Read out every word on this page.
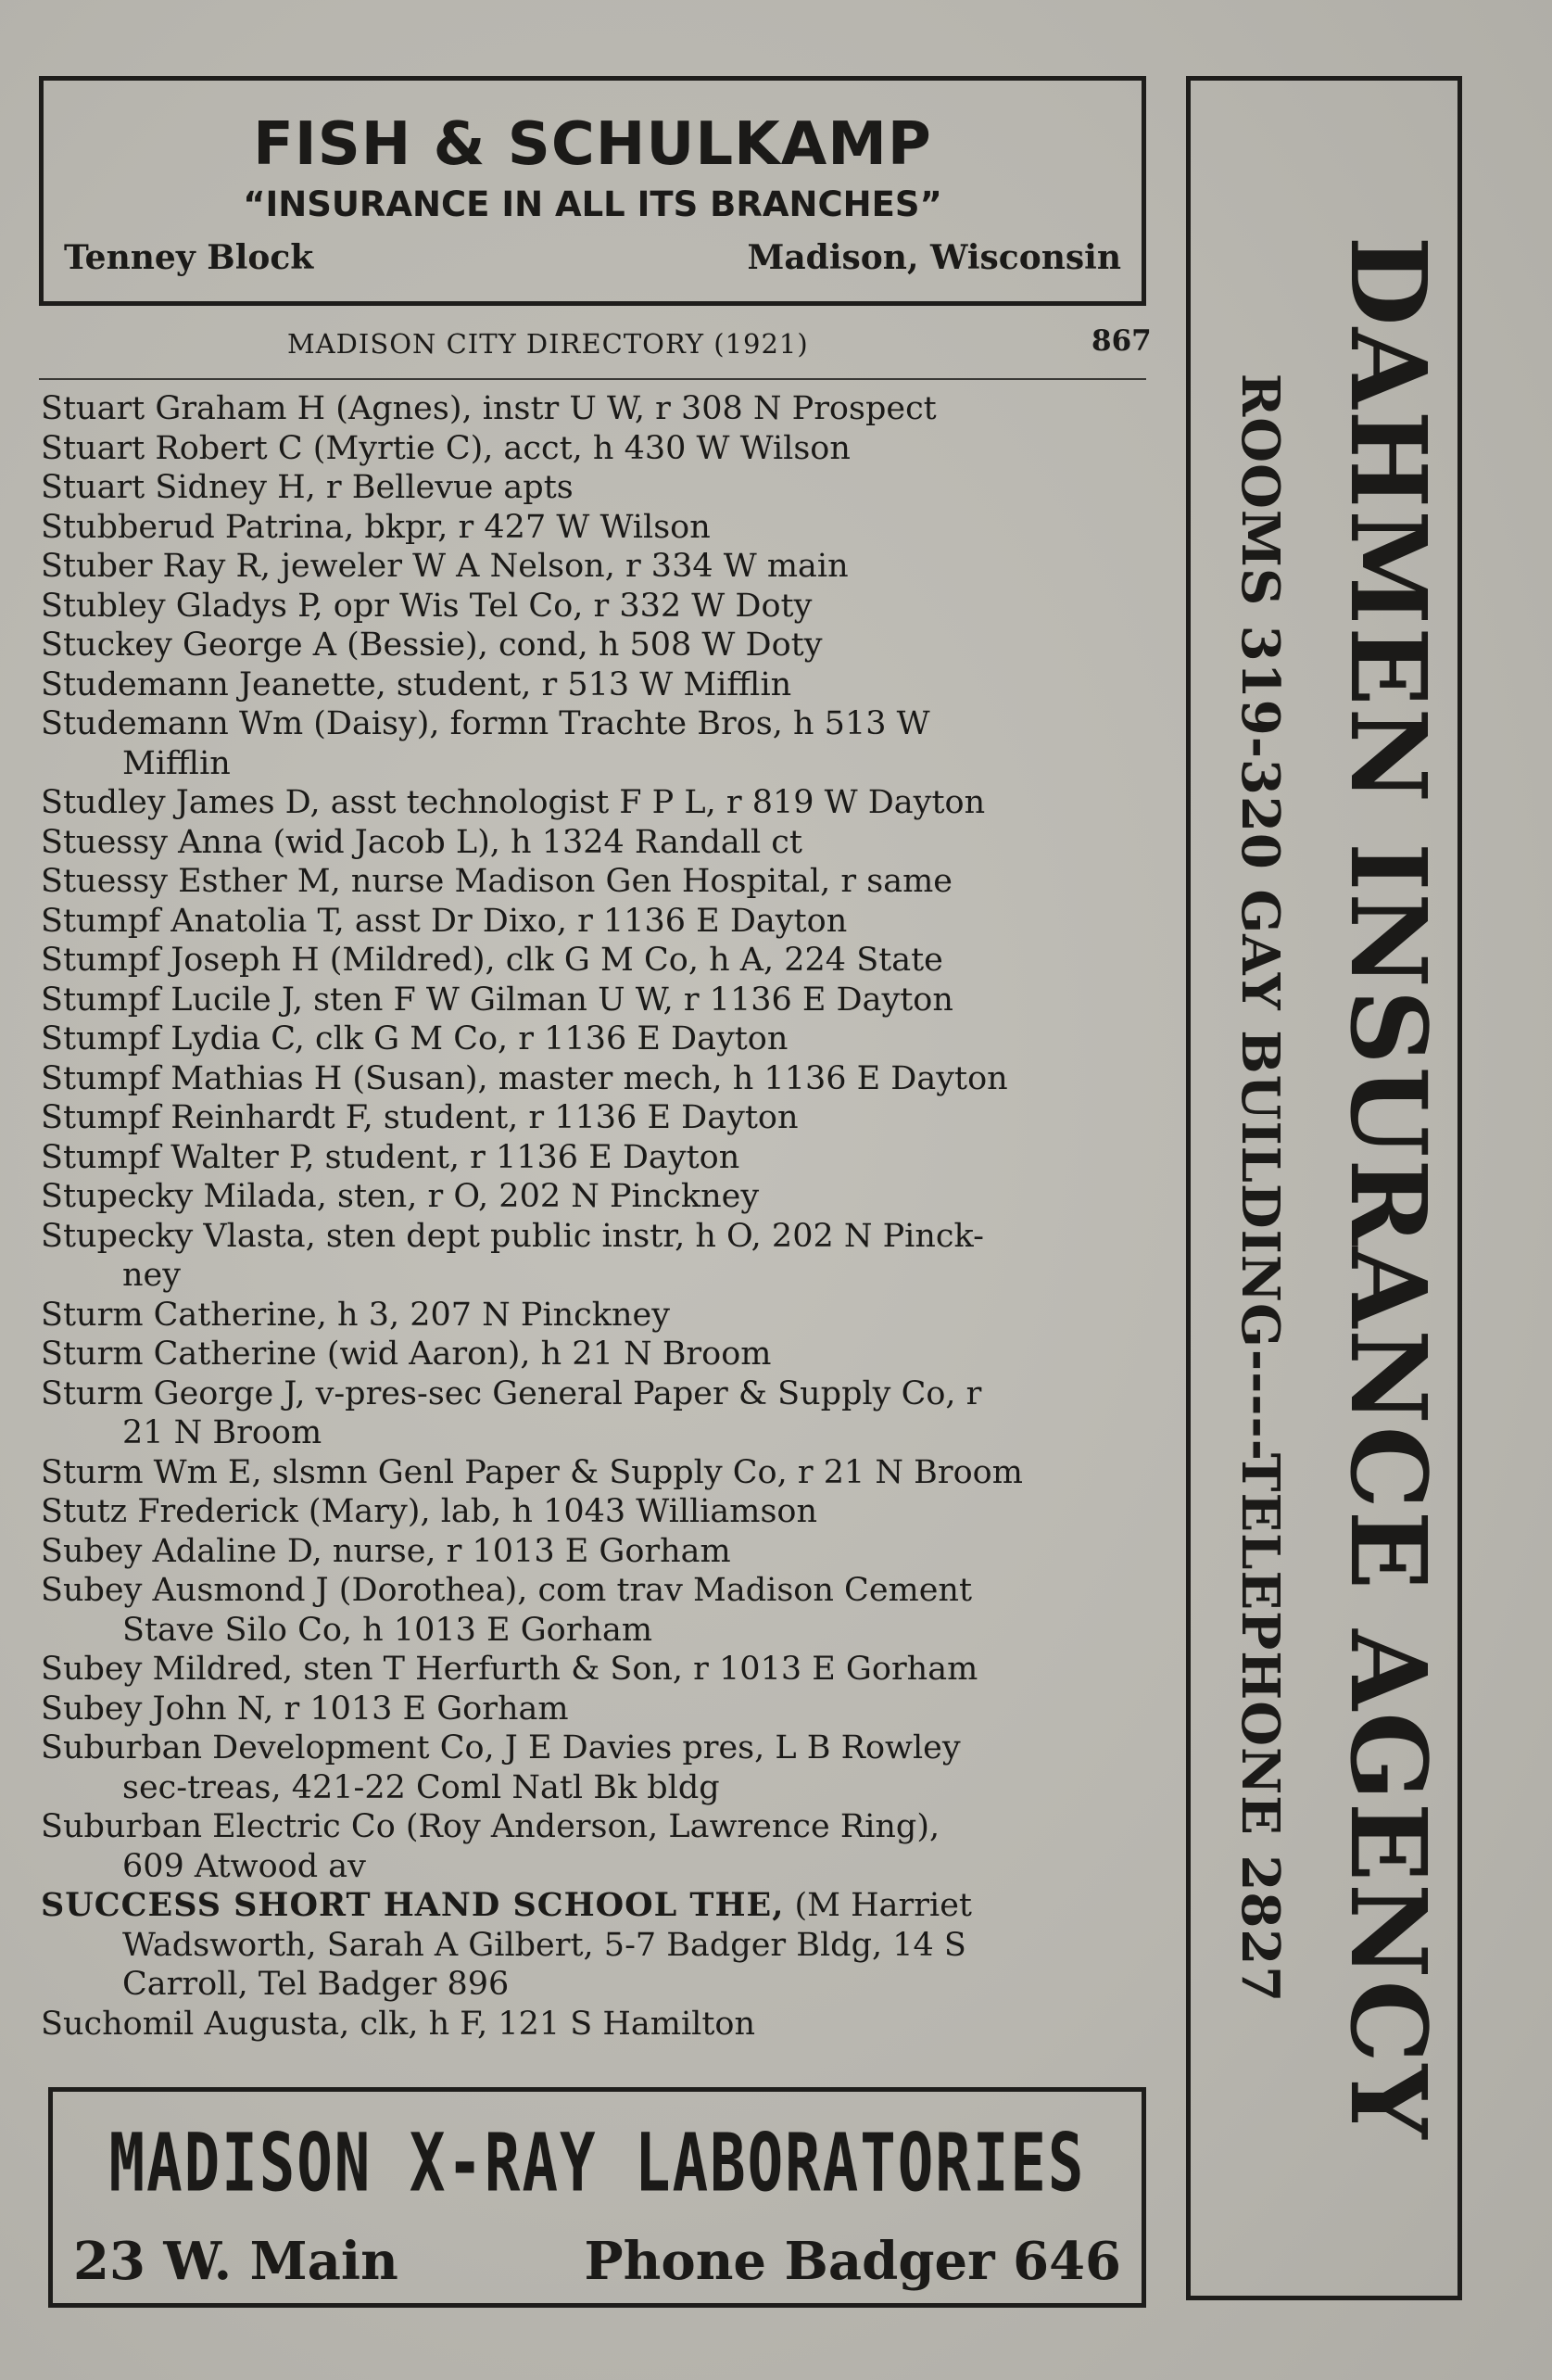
FISH & SCHULKAMP
“INSURANCE IN ALL ITS BRANCHES”
Tenney Block	Madison, Wisconsin
MADISON CITY DIRECTORY (1921)	867
Stuart Graham H (Agnes), instr U W, r 308 N Prospect
Stuart Robert C (Myrtie C), acct, h 430 W Wilson
Stuart Sidney H, r Bellevue apts
Stubberud Patrina, bkpr, r 427 W Wilson
Stuber Ray R, jeweler W A Nelson, r 334 W main
Stubley Gladys P, opr Wis Tel Co, r 332 W Doty
Stuckey George A (Bessie), cond, h 508 W Doty
Studemann Jeanette, student, r 513 W Mifflin
Studemann Wm (Daisy), formn Trachte Bros, h 513 W
Mifflin
Studley James D, asst technologist F P L, r 819 W Dayton
Stuessy Anna (wid Jacob L), h 1324 Randall ct
Stuessy Esther M, nurse Madison Gen Hospital, r same
Stumpf Anatolia T, asst Dr Dixo, r 1136 E Dayton
Stumpf Joseph H (Mildred), clk G M Co, h A, 224 State
Stumpf Lucile J, sten F W Gilman U W, r 1136 E Dayton
Stumpf Lydia C, clk G M Co, r 1136 E Dayton
Stumpf Mathias H (Susan), master mech, h 1136 E Dayton
Stumpf Reinhardt F, student, r 1136 E Dayton
Stumpf Walter P, student, r 1136 E Dayton
Stupecky Milada, sten, r O, 202 N Pinckney
Stupecky Vlasta, sten dept public instr, h O, 202 N Pinck-
ney
Sturm Catherine, h 3, 207 N Pinckney
Sturm Catherine (wid Aaron), h 21 N Broom
Sturm George J, v-pres-sec General Paper & Supply Co, r
21 N Broom
Sturm Wm E, slsmn Genl Paper & Supply Co, r 21 N Broom
Stutz Frederick (Mary), lab, h 1043 Williamson
Subey Adaline D, nurse, r 1013 E Gorham
Subey Ausmond J (Dorothea), com trav Madison Cement
Stave Silo Co, h 1013 E Gorham
Subey Mildred, sten T Herfurth & Son, r 1013 E Gorham
Subey John N, r 1013 E Gorham
Suburban Development Co, J E Davies pres, L B Rowley
sec-treas, 421-22 Coml Natl Bk bldg
Suburban Electric Co (Roy Anderson, Lawrence Ring),
609 Atwood av
SUCCESS SHORT HAND SCHOOL THE, (M Harriet
Wadsworth, Sarah A Gilbert, 5-7 Badger Bldg, 14 S
Carroll, Tel Badger 896
Suchomil Augusta, clk, h F, 121 S Hamilton
MADISON X-RAY LABORATORIES
23 W. Main	Phone Badger 646
DAHMEN INSURANCE AGENCY
ROOMS 319-320 GAY BUILDING-----TELEPHONE 2827
